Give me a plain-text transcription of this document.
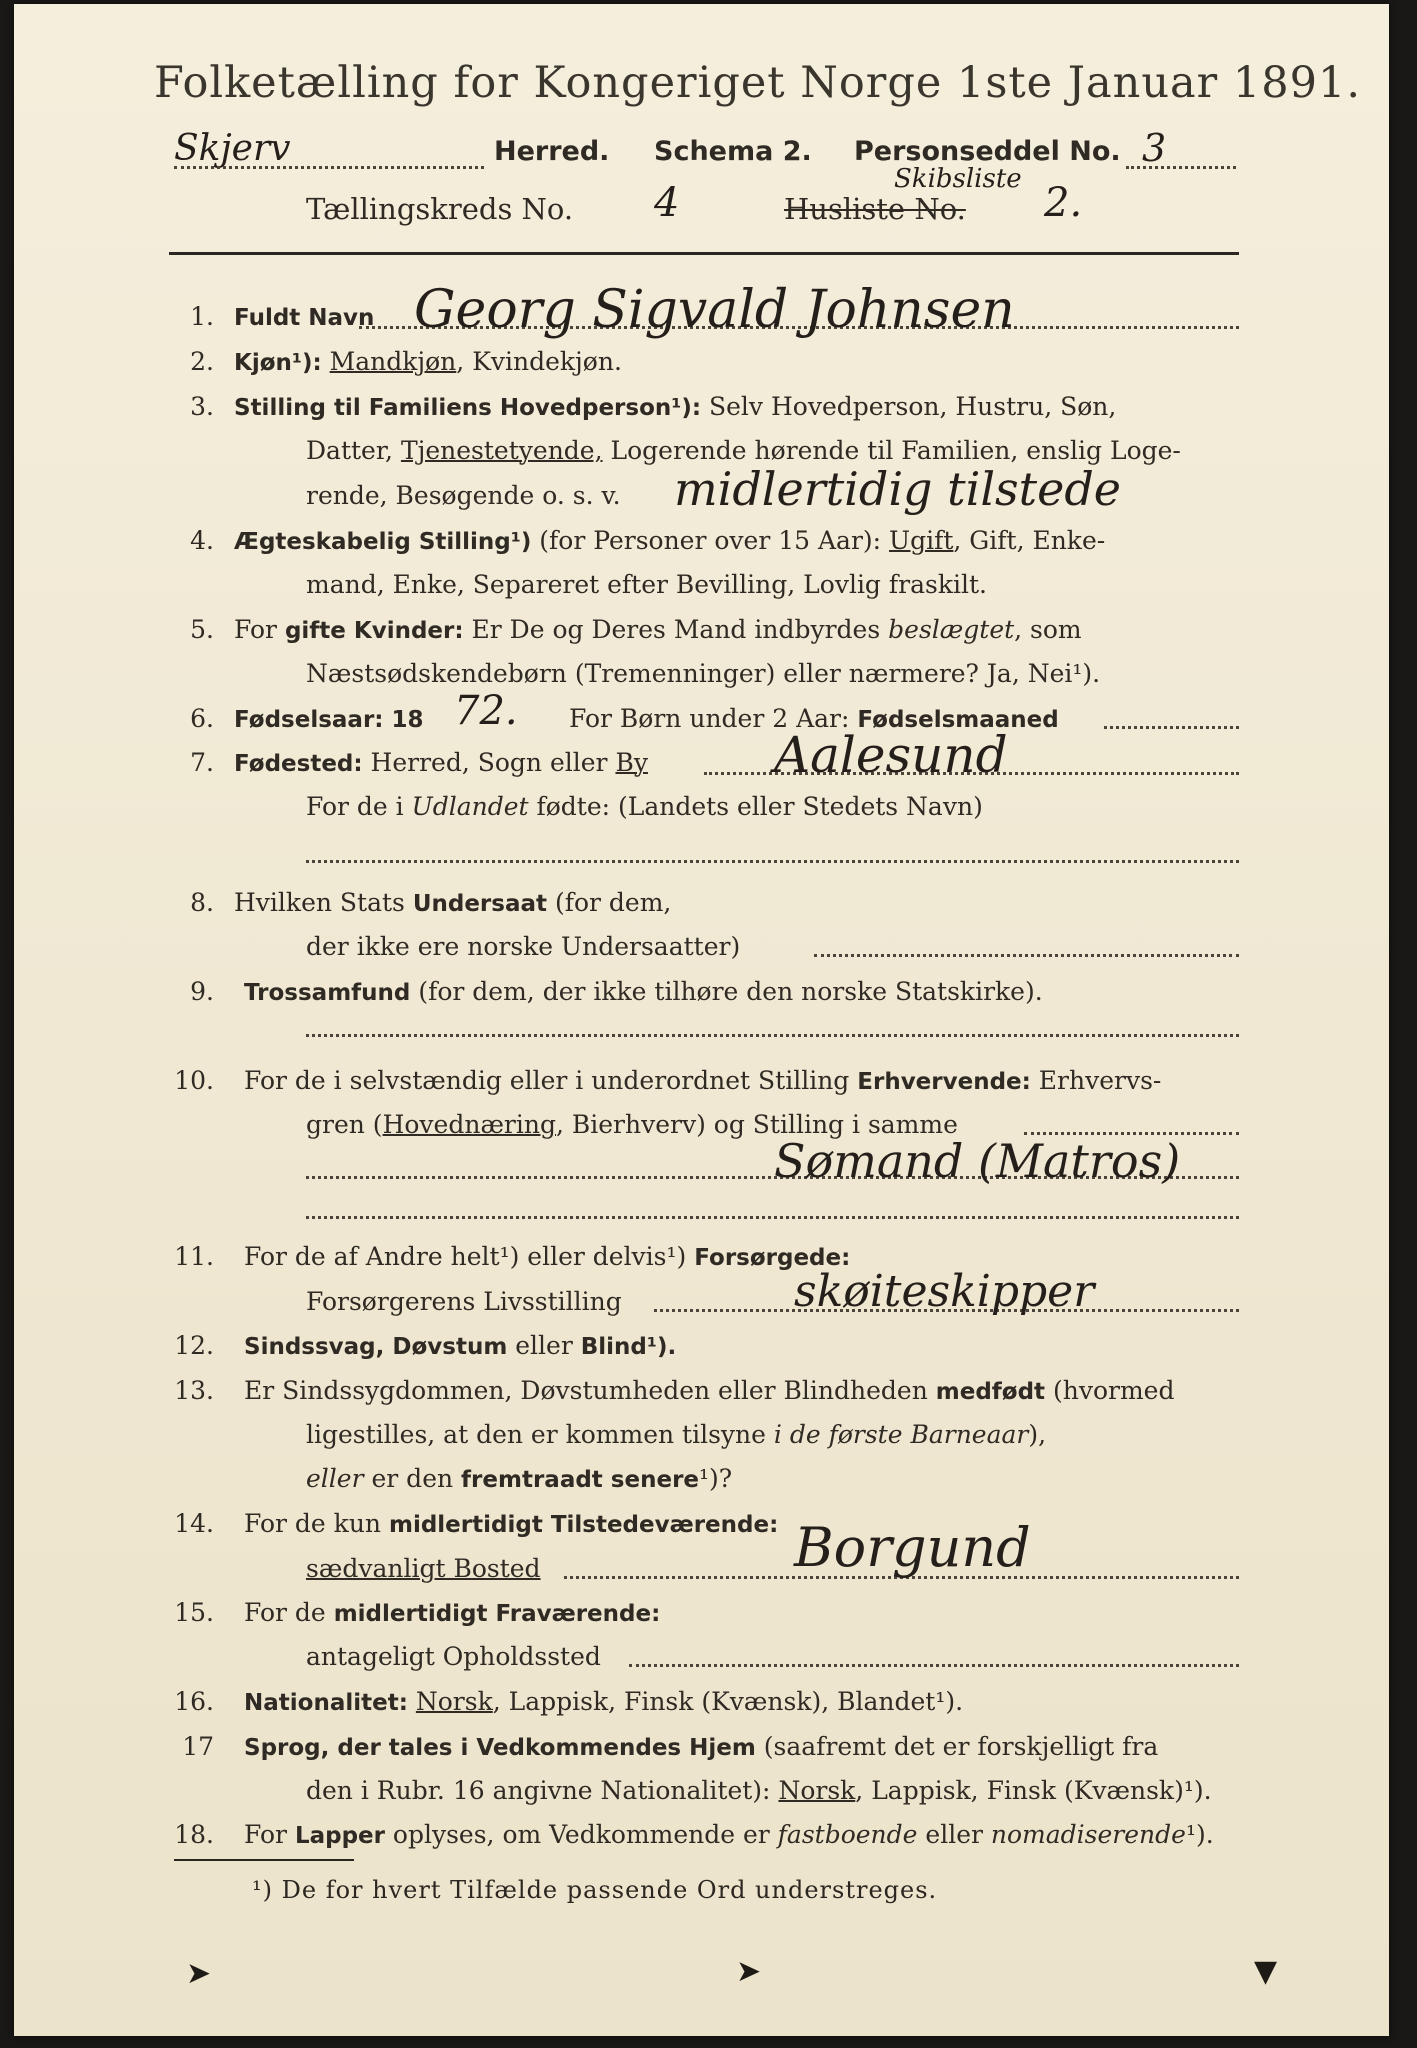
Folketælling for Kongeriget Norge 1ste Januar 1891.
Skjerv	Herred. Schema 2. Personseddel No. 3
Tællingskreds No. 4
Skibsliste
Husliste No. 2.
1. Fuldt Navn Georg Sigvald Johnsen
2. Kjøn¹): Mandkjøn, Kvindekjøn.
3. Stilling til Familiens Hovedperson¹): Selv Hovedperson, Hustru, Søn,
Datter, Tjenestetyende, Logerende hørende til Familien, enslig Loge-
rende, Besøgende o. s. v. midlertidig tilstede
4. Ægteskabelig Stilling¹) (for Personer over 15 Aar): Ugift, Gift, Enke-
mand, Enke, Separeret efter Bevilling, Lovlig fraskilt.
5. For gifte Kvinder: Er De og Deres Mand indbyrdes beslægtet, som
Næstsødskendebørn (Tremenninger) eller nærmere? Ja, Nei¹).
6. Fødselsaar: 18 72. For Børn under 2 Aar: Fødselsmaaned
7. Fødested: Herred, Sogn eller By	Aalesund
For de i Udlandet fødte: (Landets eller Stedets Navn)
8. Hvilken Stats Undersaat (for dem,
der ikke ere norske Undersaatter)
9. Trossamfund (for dem, der ikke tilhøre den norske Statskirke).
10. For de i selvstændig eller i underordnet Stilling Erhvervende: Erhvervs-
gren (Hovednæring, Bierhverv) og Stilling i samme
Sømand (Matros)
11. For de af Andre helt¹) eller delvis¹) Forsørgede:
Forsørgerens Livsstilling	skøiteskipper
12. Sindssvag, Døvstum eller Blind¹).
13. Er Sindssygdommen, Døvstumheden eller Blindheden medfødt (hvormed
ligestilles, at den er kommen tilsyne i de første Barneaar),
eller er den fremtraadt senere¹)?
14. For de kun midlertidigt Tilstedeværende:
sædvanligt Bosted	Borgund
15. For de midlertidigt Fraværende:
antageligt Opholdssted
16. Nationalitet: Norsk, Lappisk, Finsk (Kvænsk), Blandet¹).
17 Sprog, der tales i Vedkommendes Hjem (saafremt det er forskjelligt fra
den i Rubr. 16 angivne Nationalitet): Norsk, Lappisk, Finsk (Kvænsk)¹).
18. For Lapper oplyses, om Vedkommende er fastboende eller nomadiserende¹).
¹) De for hvert Tilfælde passende Ord understreges.
➤	➤	▼
